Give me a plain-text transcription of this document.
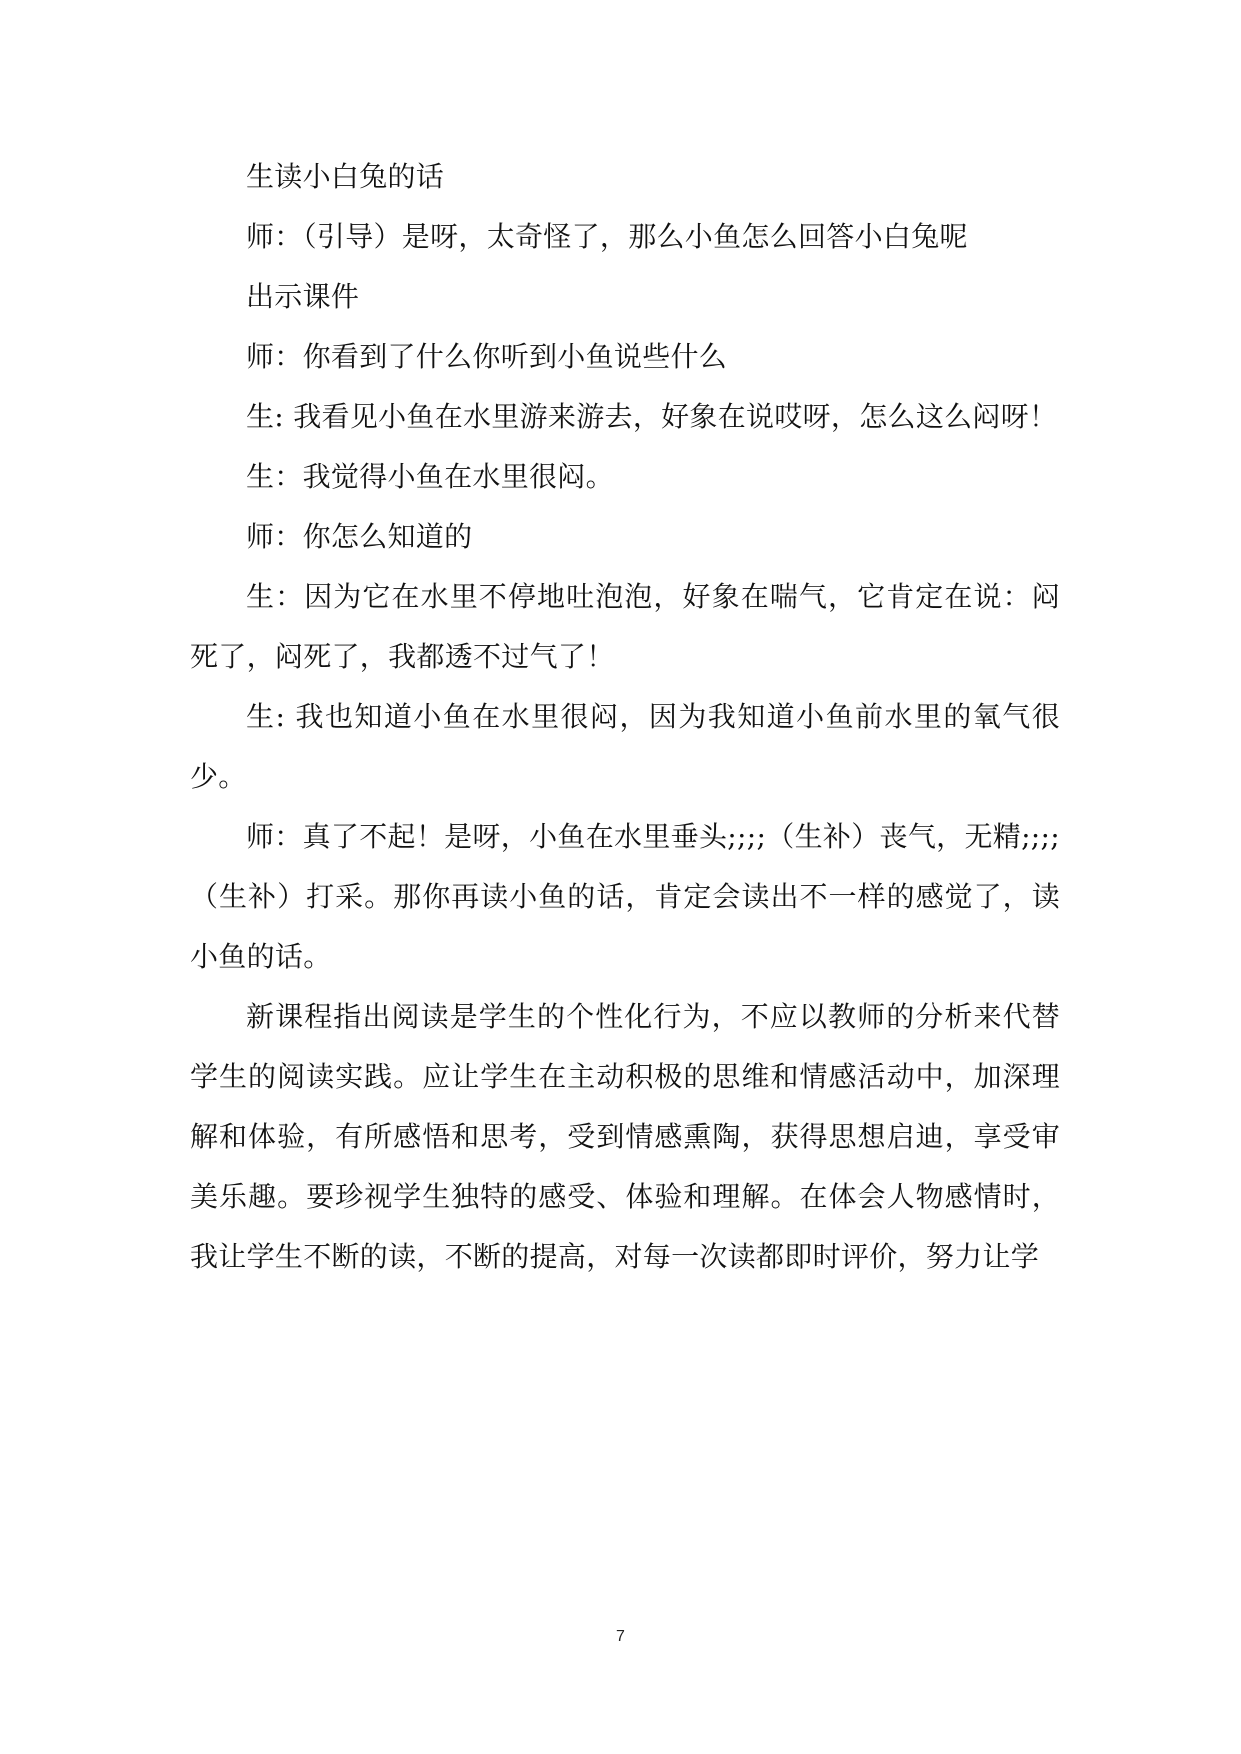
生读小白兔的话

师：（引导）是呀，太奇怪了，那么小鱼怎么回答小白兔呢

出示课件

师：你看到了什么你听到小鱼说些什么

生: 我看见小鱼在水里游来游去，好象在说哎呀，怎么这么闷呀！

生：我觉得小鱼在水里很闷。

师：你怎么知道的

生：因为它在水里不停地吐泡泡，好象在喘气，它肯定在说：闷死了，闷死了，我都透不过气了！

生: 我也知道小鱼在水里很闷，因为我知道小鱼前水里的氧气很少。

师：真了不起！是呀，小鱼在水里垂头;;;;（生补）丧气，无精;;;;（生补）打采。那你再读小鱼的话，肯定会读出不一样的感觉了，读小鱼的话。

新课程指出阅读是学生的个性化行为，不应以教师的分析来代替学生的阅读实践。应让学生在主动积极的思维和情感活动中，加深理解和体验，有所感悟和思考，受到情感熏陶，获得思想启迪，享受审美乐趣。要珍视学生独特的感受、体验和理解。在体会人物感情时，我让学生不断的读，不断的提高，对每一次读都即时评价，努力让学

7
